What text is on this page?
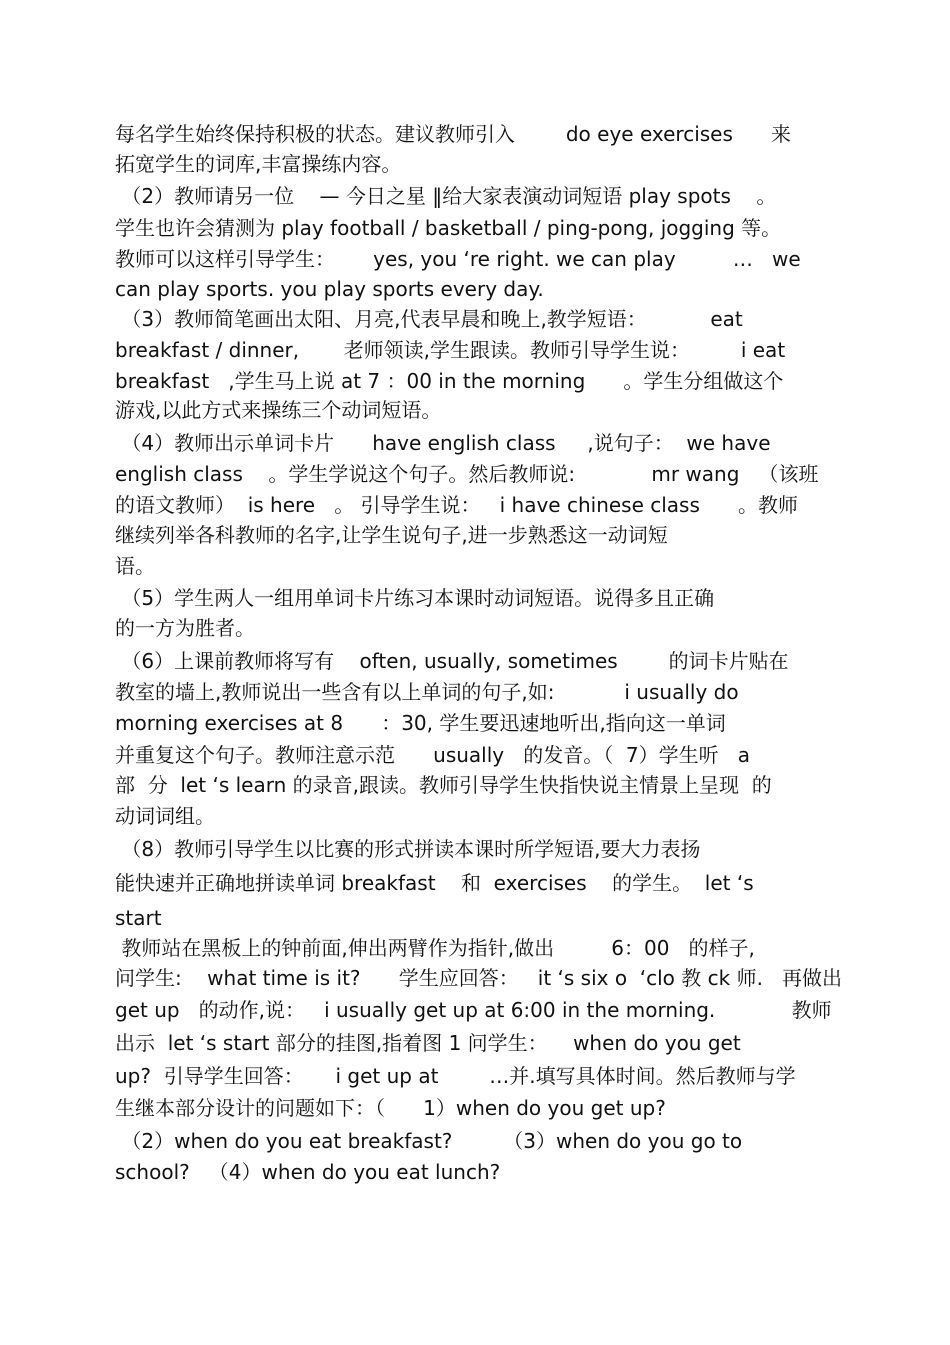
每名学生始终保持积极的状态。建议教师引入        do eye exercises      来
拓宽学生的词库,丰富操练内容。
（2）教师请另一位    — 今日之星 ‖给大家表演动词短语 play spots    。
学生也许会猜测为 play football / basketball / ping-pong, jogging 等。
教师可以这样引导学生：      yes, you ‘re right. we can play         …   we
can play sports. you play sports every day.
（3）教师简笔画出太阳、月亮,代表早晨和晚上,教学短语：          eat
breakfast / dinner,       老师领读,学生跟读。教师引导学生说：        i eat
breakfast   ,学生马上说 at 7 ：00 in the morning      。学生分组做这个
游戏,以此方式来操练三个动词短语。
（4）教师出示单词卡片      have english class     ,说句子：  we have
english class    。学生学说这个句子。然后教师说:            mr wang   （该班
的语文教师）  is here   。 引导学生说：   i have chinese class      。教师
继续列举各科教师的名字,让学生说句子,进一步熟悉这一动词短
语。
（5）学生两人一组用单词卡片练习本课时动词短语。说得多且正确
的一方为胜者。
（6）上课前教师将写有    often, usually, sometimes        的词卡片贴在
教室的墙上,教师说出一些含有以上单词的句子,如:           i usually do
morning exercises at 8      ：30, 学生要迅速地听出,指向这一单词
并重复这个句子。教师注意示范      usually   的发音。（  7）学生听   a
部  分  let ‘s learn 的录音,跟读。教师引导学生快指快说主情景上呈现  的
动词词组。
（8）教师引导学生以比赛的形式拼读本课时所学短语,要大力表扬
能快速并正确地拼读单词 breakfast    和  exercises    的学生。  let ‘s
start
教师站在黑板上的钟前面,伸出两臂作为指针,做出         6：00   的样子,
问学生:    what time is it?      学生应回答：   it ‘s six o  ‘clo 教 ck 师.   再做出
get up   的动作,说：   i usually get up at 6:00 in the morning.            教师
出示  let ‘s start 部分的挂图,指着图 1 问学生：    when do you get
up?  引导学生回答：     i get up at        …并.填写具体时间。然后教师与学
生继本部分设计的问题如下：（      1）when do you get up?
（2）when do you eat breakfast?        （3）when do you go to
school?   （4）when do you eat lunch?
